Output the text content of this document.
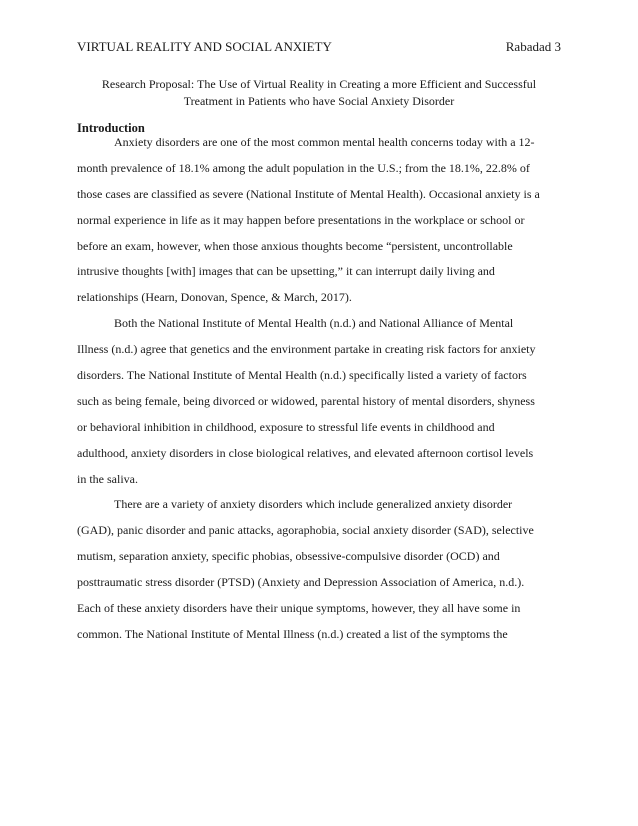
VIRTUAL REALITY AND SOCIAL ANXIETY	Rabadad 3
Research Proposal: The Use of Virtual Reality in Creating a more Efficient and Successful
Treatment in Patients who have Social Anxiety Disorder
Introduction
Anxiety disorders are one of the most common mental health concerns today with a 12-
month prevalence of 18.1% among the adult population in the U.S.; from the 18.1%, 22.8% of
those cases are classified as severe (National Institute of Mental Health). Occasional anxiety is a
normal experience in life as it may happen before presentations in the workplace or school or
before an exam, however, when those anxious thoughts become “persistent, uncontrollable
intrusive thoughts [with] images that can be upsetting,” it can interrupt daily living and
relationships (Hearn, Donovan, Spence, & March, 2017).
Both the National Institute of Mental Health (n.d.) and National Alliance of Mental
Illness (n.d.) agree that genetics and the environment partake in creating risk factors for anxiety
disorders. The National Institute of Mental Health (n.d.) specifically listed a variety of factors
such as being female, being divorced or widowed, parental history of mental disorders, shyness
or behavioral inhibition in childhood, exposure to stressful life events in childhood and
adulthood, anxiety disorders in close biological relatives, and elevated afternoon cortisol levels
in the saliva.
There are a variety of anxiety disorders which include generalized anxiety disorder
(GAD), panic disorder and panic attacks, agoraphobia, social anxiety disorder (SAD), selective
mutism, separation anxiety, specific phobias, obsessive-compulsive disorder (OCD) and
posttraumatic stress disorder (PTSD) (Anxiety and Depression Association of America, n.d.).
Each of these anxiety disorders have their unique symptoms, however, they all have some in
common. The National Institute of Mental Illness (n.d.) created a list of the symptoms the
